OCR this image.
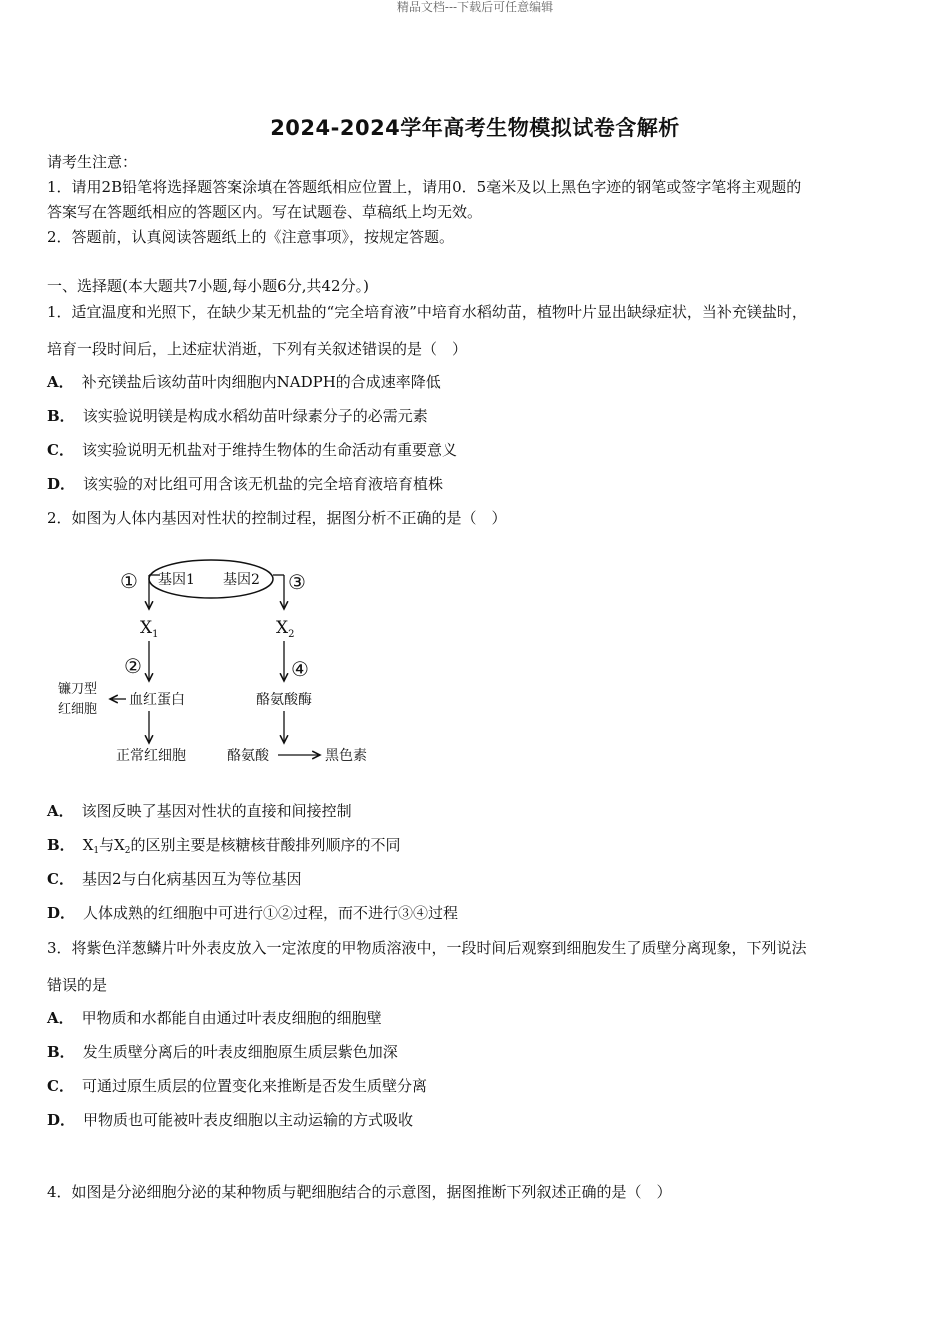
精品文档---下载后可任意编辑
2024-2024学年高考生物模拟试卷含解析
请考生注意：
1．请用2B铅笔将选择题答案涂填在答题纸相应位置上，请用0．5毫米及以上黑色字迹的钢笔或签字笔将主观题的
答案写在答题纸相应的答题区内。写在试题卷、草稿纸上均无效。
2．答题前，认真阅读答题纸上的《注意事项》，按规定答题。
一、选择题(本大题共7小题,每小题6分,共42分。)
1．适宜温度和光照下，在缺少某无机盐的“完全培育液”中培育水稻幼苗，植物叶片显出缺绿症状，当补充镁盐时，
培育一段时间后，上述症状消逝，下列有关叙述错误的是（　）
A． 补充镁盐后该幼苗叶肉细胞内NADPH的合成速率降低
B． 该实验说明镁是构成水稻幼苗叶绿素分子的必需元素
C． 该实验说明无机盐对于维持生物体的生命活动有重要意义
D． 该实验的对比组可用含该无机盐的完全培育液培育植株
2．如图为人体内基因对性状的控制过程，据图分析不正确的是（　）
基因1 基因2
①	③
$X_1$	$X_2$
②	④
血红蛋白	酪氨酸酶
镰刀型
红细胞
正常红细胞	酪氨酸	黑色素
A． 该图反映了基因对性状的直接和间接控制
B． $X_1$与$X_2$的区别主要是核糖核苷酸排列顺序的不同
C． 基因2与白化病基因互为等位基因
D． 人体成熟的红细胞中可进行①②过程，而不进行③④过程
3．将紫色洋葱鳞片叶外表皮放入一定浓度的甲物质溶液中，一段时间后观察到细胞发生了质壁分离现象，下列说法
错误的是
A． 甲物质和水都能自由通过叶表皮细胞的细胞壁
B． 发生质壁分离后的叶表皮细胞原生质层紫色加深
C． 可通过原生质层的位置变化来推断是否发生质壁分离
D． 甲物质也可能被叶表皮细胞以主动运输的方式吸收
4．如图是分泌细胞分泌的某种物质与靶细胞结合的示意图，据图推断下列叙述正确的是（　）
